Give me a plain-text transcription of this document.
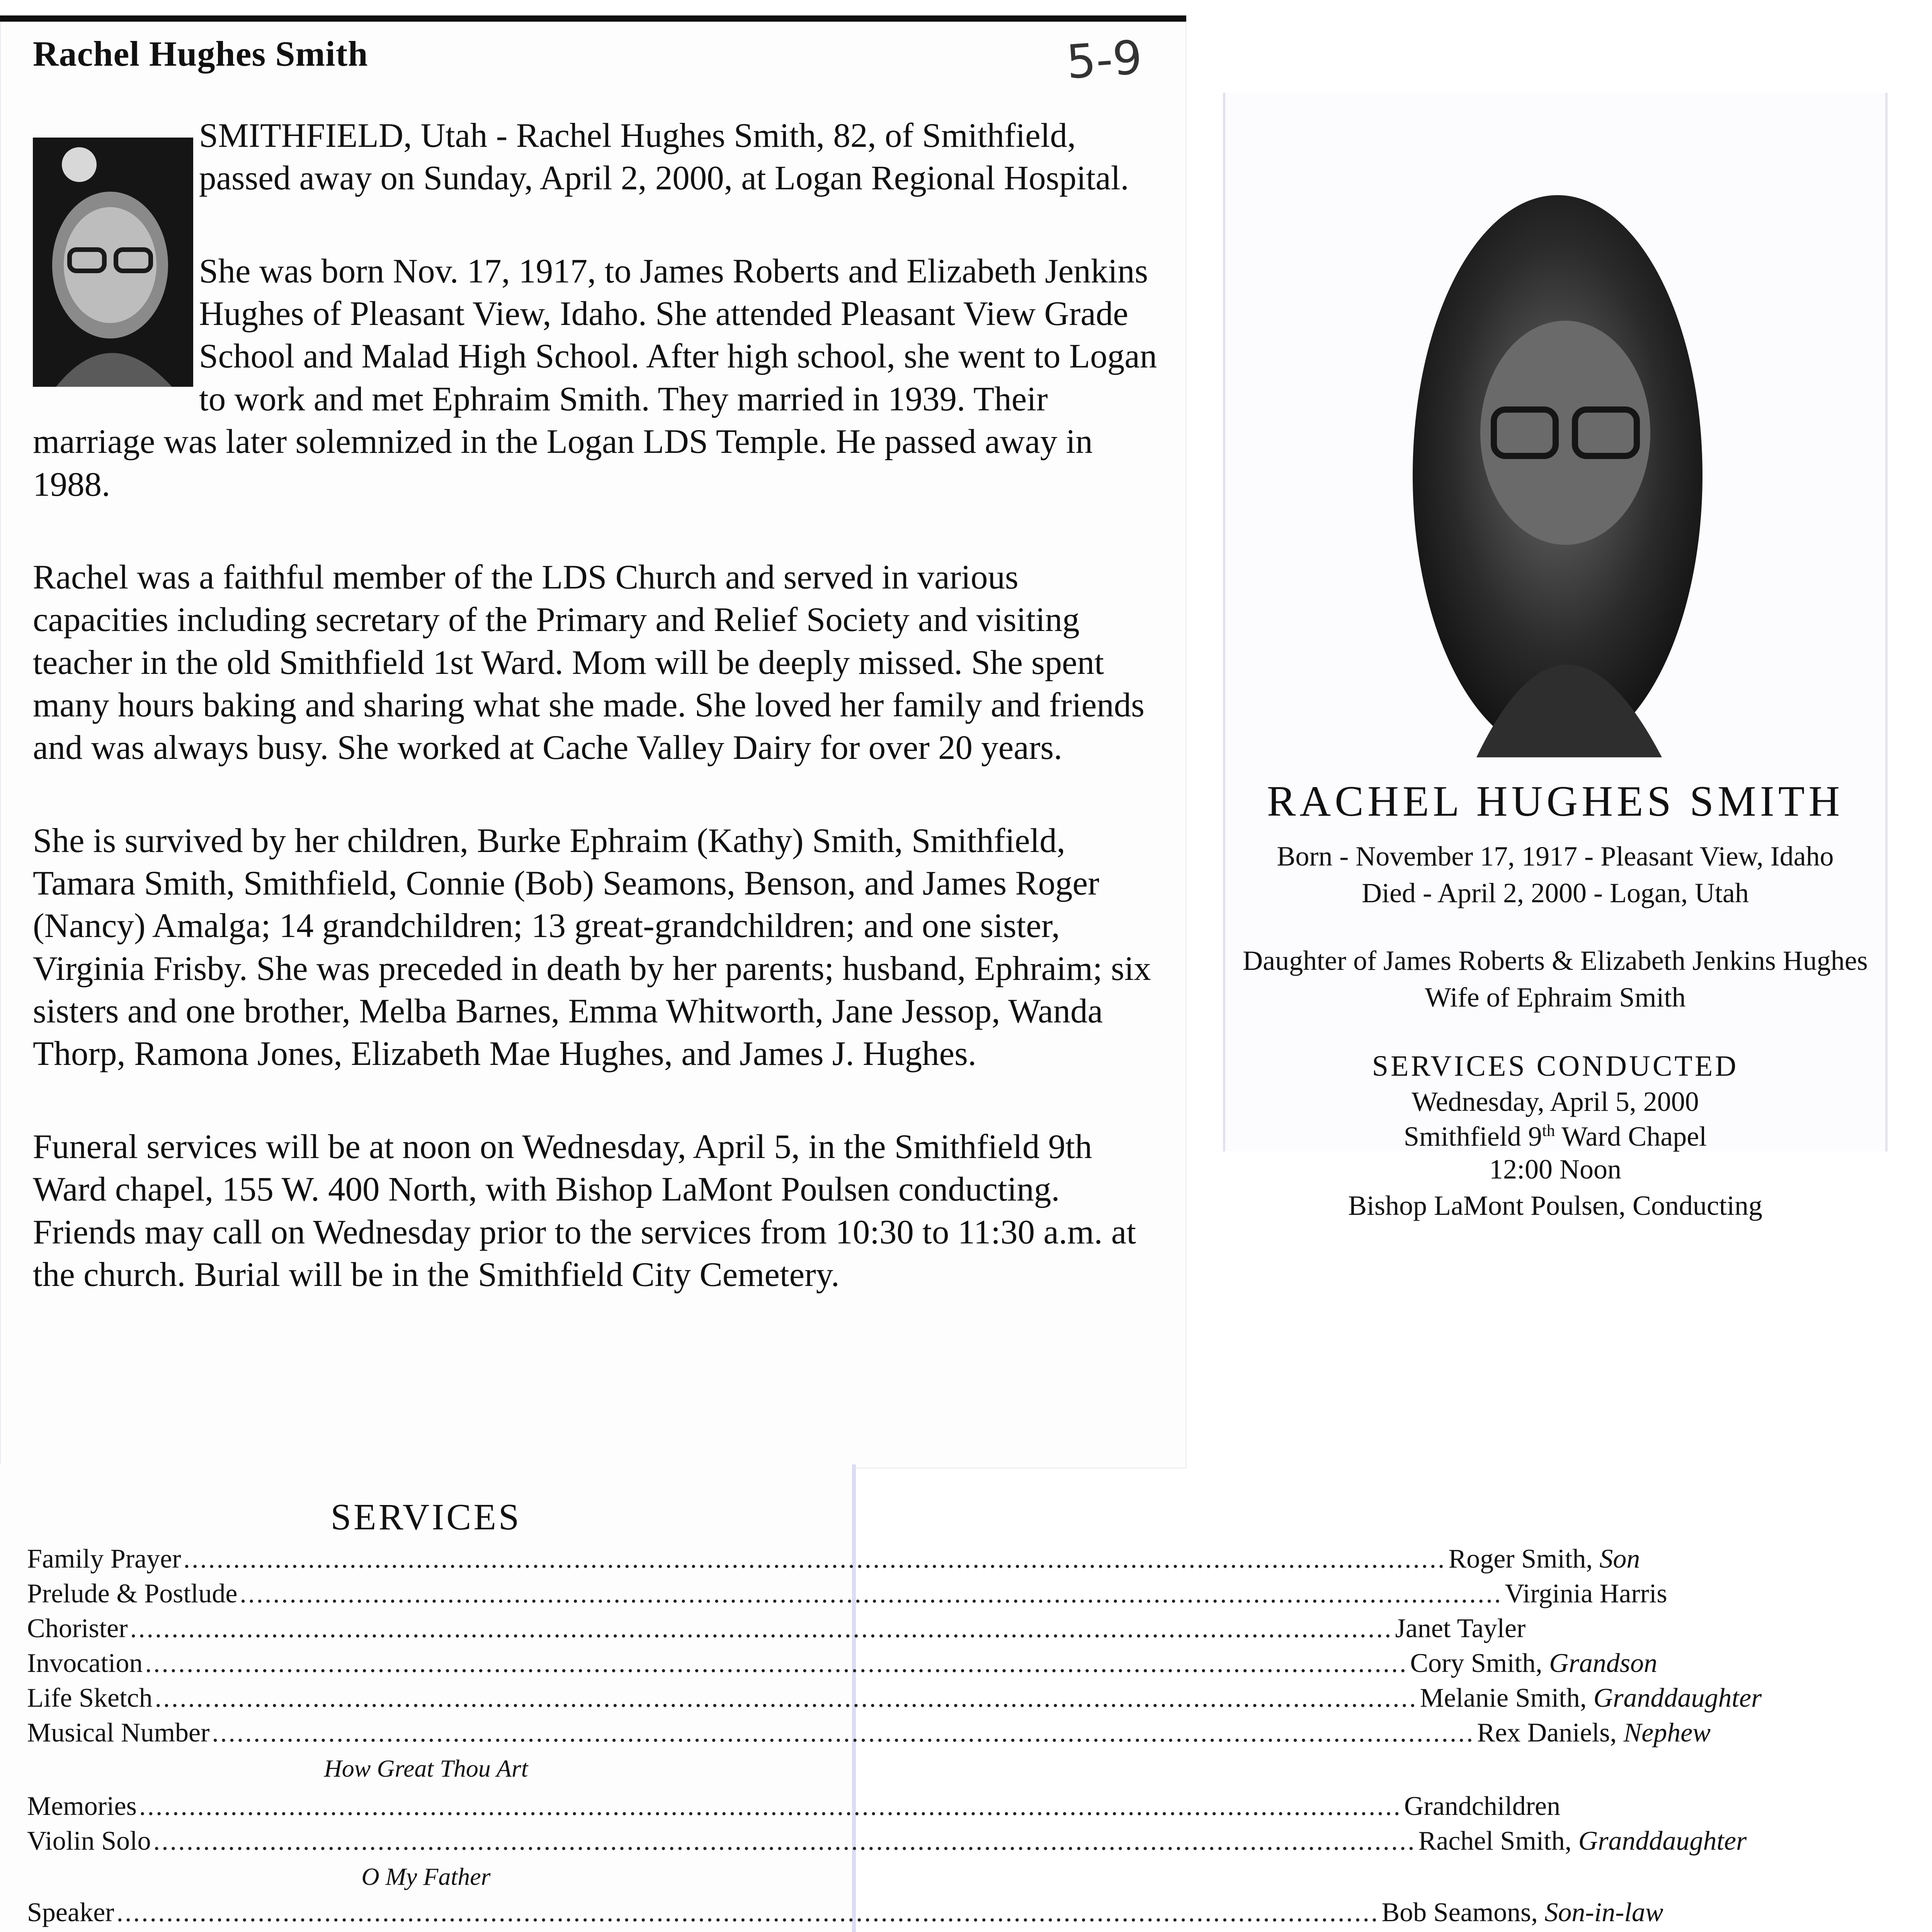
Rachel Hughes Smith	5-9

SMITHFIELD, Utah - Rachel Hughes Smith, 82, of Smithfield, passed away on Sunday, April 2, 2000, at Logan Regional Hospital.

She was born Nov. 17, 1917, to James Roberts and Elizabeth Jenkins Hughes of Pleasant View, Idaho. She attended Pleasant View Grade School and Malad High School. After high school, she went to Logan to work and met Ephraim Smith. They married in 1939. Their marriage was later solemnized in the Logan LDS Temple. He passed away in 1988.

Rachel was a faithful member of the LDS Church and served in various capacities including secretary of the Primary and Relief Society and visiting teacher in the old Smithfield 1st Ward. Mom will be deeply missed. She spent many hours baking and sharing what she made. She loved her family and friends and was always busy. She worked at Cache Valley Dairy for over 20 years.

She is survived by her children, Burke Ephraim (Kathy) Smith, Smithfield, Tamara Smith, Smithfield, Connie (Bob) Seamons, Benson, and James Roger (Nancy) Amalga; 14 grandchildren; 13 great-grandchildren; and one sister, Virginia Frisby. She was preceded in death by her parents; husband, Ephraim; six sisters and one brother, Melba Barnes, Emma Whitworth, Jane Jessop, Wanda Thorp, Ramona Jones, Elizabeth Mae Hughes, and James J. Hughes.

Funeral services will be at noon on Wednesday, April 5, in the Smithfield 9th Ward chapel, 155 W. 400 North, with Bishop LaMont Poulsen conducting. Friends may call on Wednesday prior to the services from 10:30 to 11:30 a.m. at the church. Burial will be in the Smithfield City Cemetery.

RACHEL HUGHES SMITH
Born - November 17, 1917 - Pleasant View, Idaho
Died - April 2, 2000 - Logan, Utah
Daughter of James Roberts & Elizabeth Jenkins Hughes
Wife of Ephraim Smith
SERVICES CONDUCTED
Wednesday, April 5, 2000
Smithfield 9th Ward Chapel
12:00 Noon
Bishop LaMont Poulsen, Conducting
SERVICES
Family Prayer ........................................................................................................................................................ Roger Smith, Son
Prelude & Postlude ........................................................................................................................................................ Virginia Harris
Chorister ........................................................................................................................................................ Janet Tayler
Invocation ........................................................................................................................................................ Cory Smith, Grandson
Life Sketch ........................................................................................................................................................ Melanie Smith, Granddaughter
Musical Number ........................................................................................................................................................ Rex Daniels, Nephew
How Great Thou Art
Memories ........................................................................................................................................................ Grandchildren
Violin Solo ........................................................................................................................................................ Rachel Smith, Granddaughter
O My Father
Speaker ........................................................................................................................................................ Bob Seamons, Son-in-law
